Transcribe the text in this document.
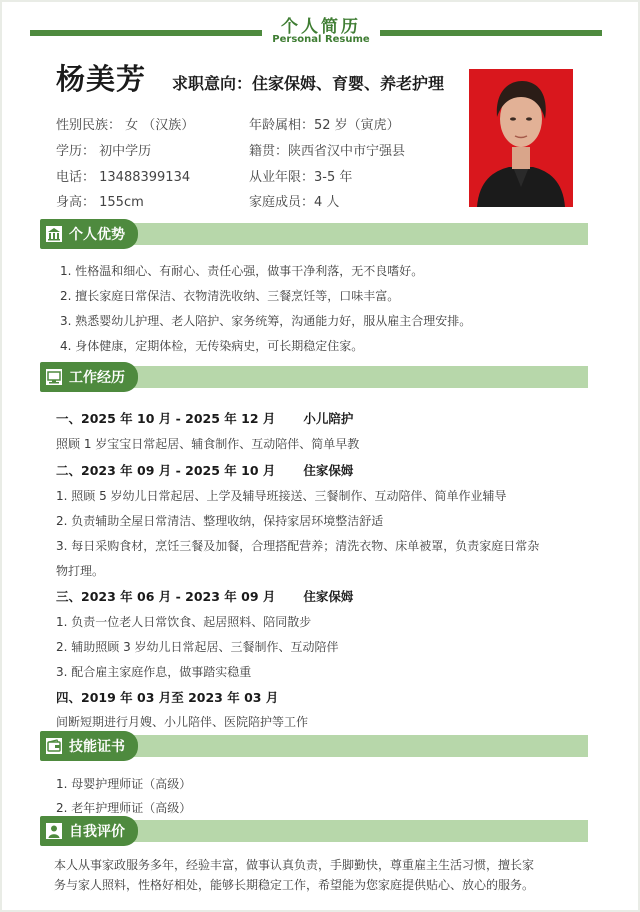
个人简历
Personal Resume
杨美芳 求职意向：住家保姆、育婴、养老护理
性别民族： 女 （汉族）	年龄属相：52 岁（寅虎）
学历： 初中学历	籍贯：陕西省汉中市宁强县
电话： 13488399134	从业年限：3-5 年
身高： 155cm	家庭成员：4 人
个人优势
1. 性格温和细心、有耐心、责任心强，做事干净利落，无不良嗜好。
2. 擅长家庭日常保洁、衣物清洗收纳、三餐烹饪等，口味丰富。
3. 熟悉婴幼儿护理、老人陪护、家务统筹，沟通能力好，服从雇主合理安排。
4. 身体健康，定期体检，无传染病史，可长期稳定住家。
工作经历
一、2025 年 10 月 - 2025 年 12 月 小儿陪护
照顾 1 岁宝宝日常起居、辅食制作、互动陪伴、简单早教
二、2023 年 09 月 - 2025 年 10 月 住家保姆
1. 照顾 5 岁幼儿日常起居、上学及辅导班接送、三餐制作、互动陪伴、简单作业辅导
2. 负责辅助全屋日常清洁、整理收纳，保持家居环境整洁舒适
3. 每日采购食材，烹饪三餐及加餐，合理搭配营养；清洗衣物、床单被罩，负责家庭日常杂
物打理。
三、2023 年 06 月 - 2023 年 09 月 住家保姆
1. 负责一位老人日常饮食、起居照料、陪同散步
2. 辅助照顾 3 岁幼儿日常起居、三餐制作、互动陪伴
3. 配合雇主家庭作息，做事踏实稳重
四、2019 年 03 月至 2023 年 03 月
间断短期进行月嫂、小儿陪伴、医院陪护等工作
技能证书
1. 母婴护理师证（高级）
2. 老年护理师证（高级）
自我评价
本人从事家政服务多年，经验丰富，做事认真负责，手脚勤快，尊重雇主生活习惯，擅长家
务与家人照料，性格好相处，能够长期稳定工作，希望能为您家庭提供贴心、放心的服务。
